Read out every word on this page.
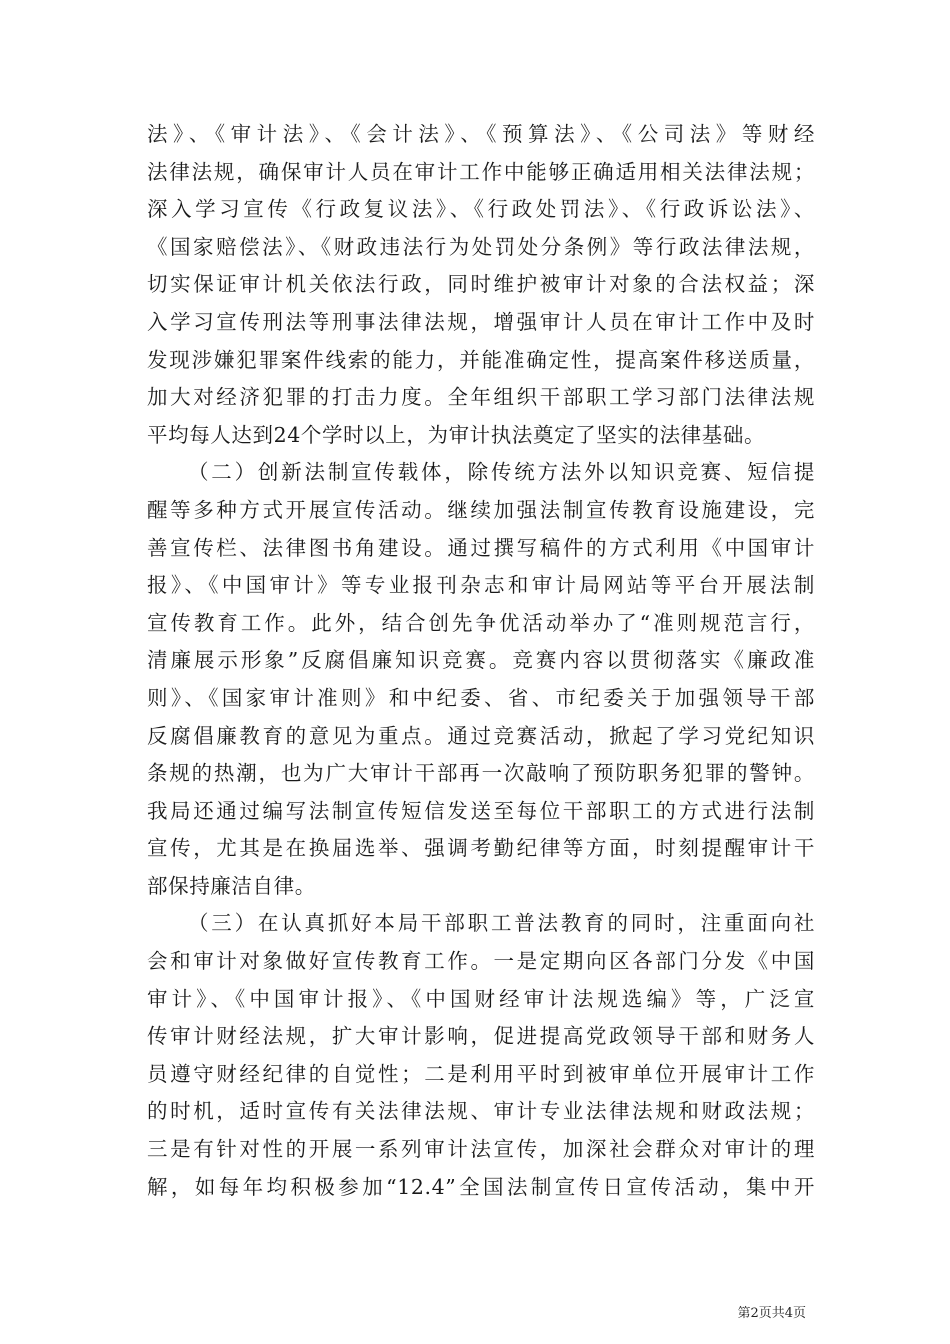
法》、《审计法》、《会计法》、《预算法》、《公司法》等财经
法律法规，确保审计人员在审计工作中能够正确适用相关法律法规；
深入学习宣传《行政复议法》、《行政处罚法》、《行政诉讼法》、
《国家赔偿法》、《财政违法行为处罚处分条例》等行政法律法规，
切实保证审计机关依法行政，同时维护被审计对象的合法权益；深
入学习宣传刑法等刑事法律法规，增强审计人员在审计工作中及时
发现涉嫌犯罪案件线索的能力，并能准确定性，提高案件移送质量，
加大对经济犯罪的打击力度。全年组织干部职工学习部门法律法规
平均每人达到24个学时以上，为审计执法奠定了坚实的法律基础。
（二）创新法制宣传载体，除传统方法外以知识竞赛、短信提
醒等多种方式开展宣传活动。继续加强法制宣传教育设施建设，完
善宣传栏、法律图书角建设。通过撰写稿件的方式利用《中国审计
报》、《中国审计》等专业报刊杂志和审计局网站等平台开展法制
宣传教育工作。此外，结合创先争优活动举办了“准则规范言行，
清廉展示形象”反腐倡廉知识竞赛。竞赛内容以贯彻落实《廉政准
则》、《国家审计准则》和中纪委、省、市纪委关于加强领导干部
反腐倡廉教育的意见为重点。通过竞赛活动，掀起了学习党纪知识
条规的热潮，也为广大审计干部再一次敲响了预防职务犯罪的警钟。
我局还通过编写法制宣传短信发送至每位干部职工的方式进行法制
宣传，尤其是在换届选举、强调考勤纪律等方面，时刻提醒审计干
部保持廉洁自律。
（三）在认真抓好本局干部职工普法教育的同时，注重面向社
会和审计对象做好宣传教育工作。一是定期向区各部门分发《中国
审计》、《中国审计报》、《中国财经审计法规选编》等，广泛宣
传审计财经法规，扩大审计影响，促进提高党政领导干部和财务人
员遵守财经纪律的自觉性；二是利用平时到被审单位开展审计工作
的时机，适时宣传有关法律法规、审计专业法律法规和财政法规；
三是有针对性的开展一系列审计法宣传，加深社会群众对审计的理
解，如每年均积极参加“12.4”全国法制宣传日宣传活动，集中开
第2页共4页
